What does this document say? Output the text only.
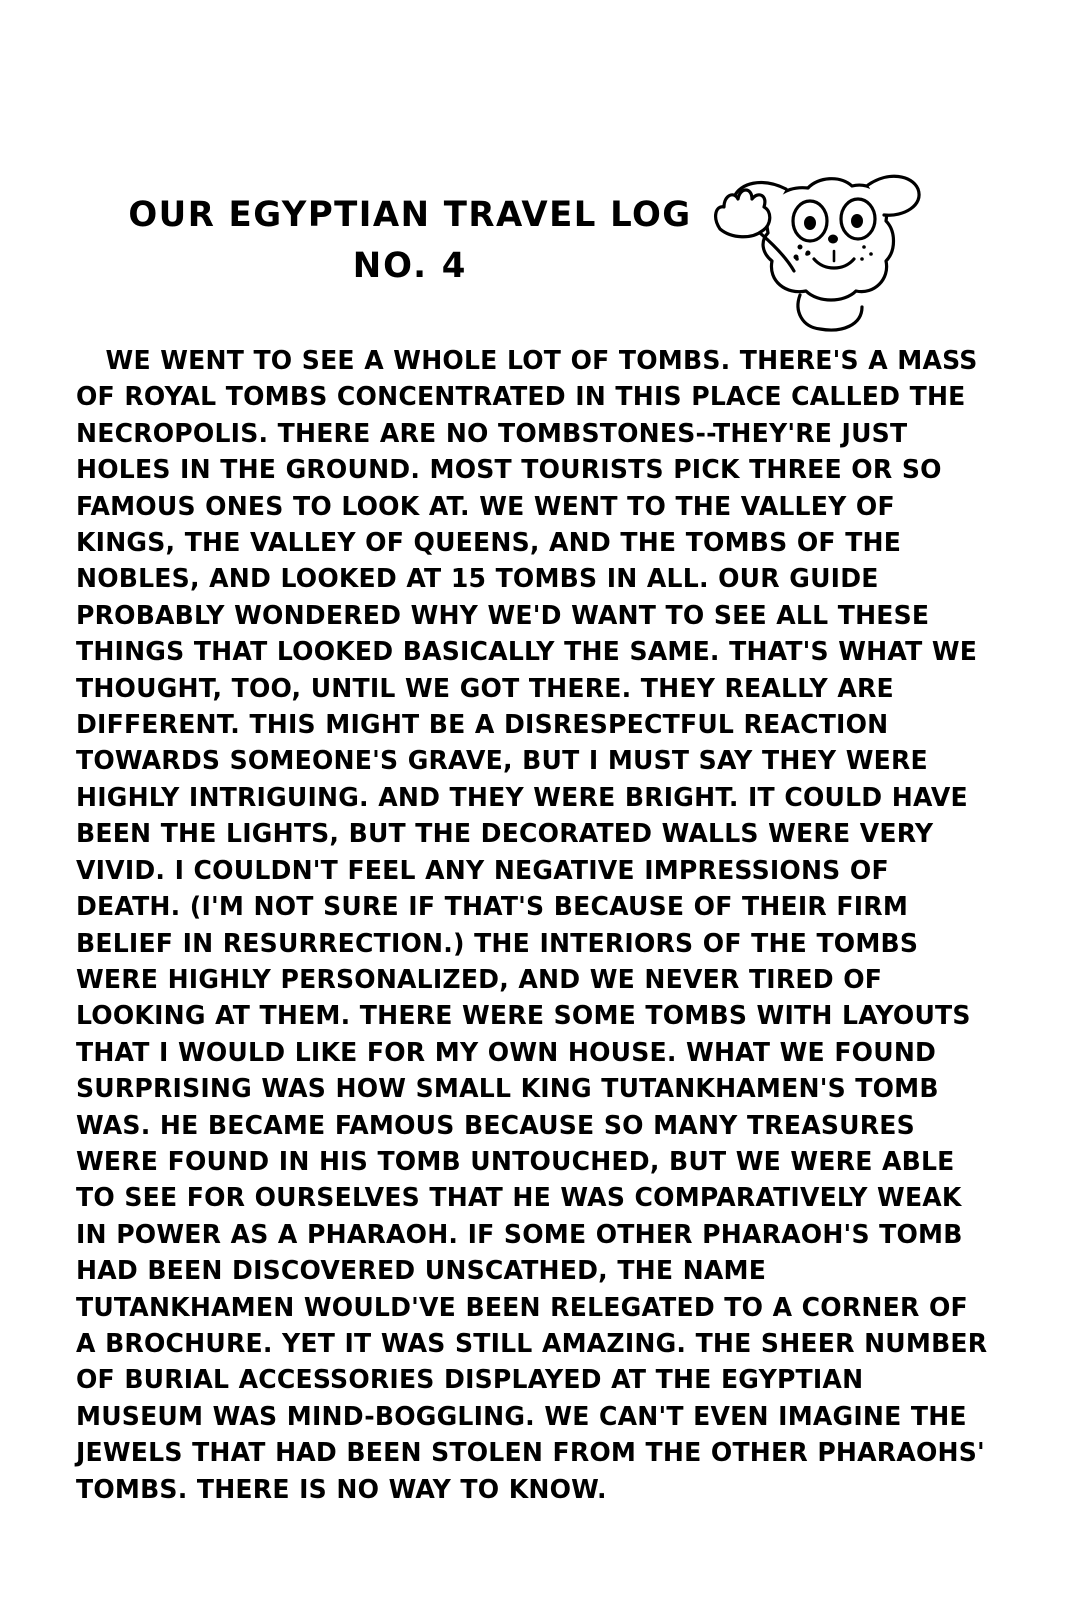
OUR EGYPTIAN TRAVEL LOG
NO. 4

WE WENT TO SEE A WHOLE LOT OF TOMBS. THERE'S A MASS OF ROYAL TOMBS CONCENTRATED IN THIS PLACE CALLED THE NECROPOLIS. THERE ARE NO TOMBSTONES--THEY'RE JUST HOLES IN THE GROUND. MOST TOURISTS PICK THREE OR SO FAMOUS ONES TO LOOK AT. WE WENT TO THE VALLEY OF KINGS, THE VALLEY OF QUEENS, AND THE TOMBS OF THE NOBLES, AND LOOKED AT 15 TOMBS IN ALL. OUR GUIDE PROBABLY WONDERED WHY WE'D WANT TO SEE ALL THESE THINGS THAT LOOKED BASICALLY THE SAME. THAT'S WHAT WE THOUGHT, TOO, UNTIL WE GOT THERE. THEY REALLY ARE DIFFERENT. THIS MIGHT BE A DISRESPECTFUL REACTION TOWARDS SOMEONE'S GRAVE, BUT I MUST SAY THEY WERE HIGHLY INTRIGUING. AND THEY WERE BRIGHT. IT COULD HAVE BEEN THE LIGHTS, BUT THE DECORATED WALLS WERE VERY VIVID. I COULDN'T FEEL ANY NEGATIVE IMPRESSIONS OF DEATH. (I'M NOT SURE IF THAT'S BECAUSE OF THEIR FIRM BELIEF IN RESURRECTION.) THE INTERIORS OF THE TOMBS WERE HIGHLY PERSONALIZED, AND WE NEVER TIRED OF LOOKING AT THEM. THERE WERE SOME TOMBS WITH LAYOUTS THAT I WOULD LIKE FOR MY OWN HOUSE. WHAT WE FOUND SURPRISING WAS HOW SMALL KING TUTANKHAMEN'S TOMB WAS. HE BECAME FAMOUS BECAUSE SO MANY TREASURES WERE FOUND IN HIS TOMB UNTOUCHED, BUT WE WERE ABLE TO SEE FOR OURSELVES THAT HE WAS COMPARATIVELY WEAK IN POWER AS A PHARAOH. IF SOME OTHER PHARAOH'S TOMB HAD BEEN DISCOVERED UNSCATHED, THE NAME TUTANKHAMEN WOULD'VE BEEN RELEGATED TO A CORNER OF A BROCHURE. YET IT WAS STILL AMAZING. THE SHEER NUMBER OF BURIAL ACCESSORIES DISPLAYED AT THE EGYPTIAN MUSEUM WAS MIND-BOGGLING. WE CAN'T EVEN IMAGINE THE JEWELS THAT HAD BEEN STOLEN FROM THE OTHER PHARAOHS' TOMBS. THERE IS NO WAY TO KNOW.
